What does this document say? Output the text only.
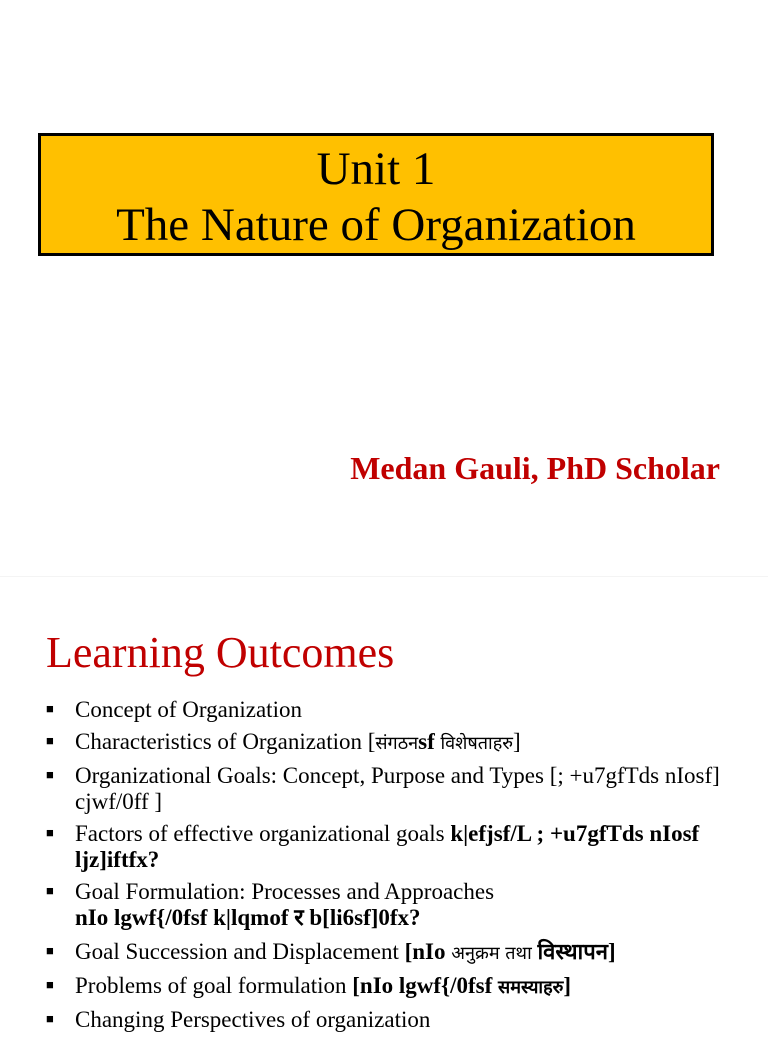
Unit 1
The Nature of Organization
Medan Gauli, PhD Scholar
Learning Outcomes
■ Concept of Organization
■ Characteristics of Organization [संगठनsf विशेषताहरु]
■ Organizational Goals: Concept, Purpose and Types [; +u7gfTds nIosf] cjwf/0ff ]
■ Factors of effective organizational goals k|efjsf/L ; +u7gfTds nIosf ljz]iftfx?
■ Goal Formulation: Processes and Approaches
nIo lgwf{/0fsf k|lqmof र b[li6sf]0fx?
■ Goal Succession and Displacement [nIo अनुक्रम तथा विस्थापन]
■ Problems of goal formulation [nIo lgwf{/0fsf समस्याहरु]
■ Changing Perspectives of organization
